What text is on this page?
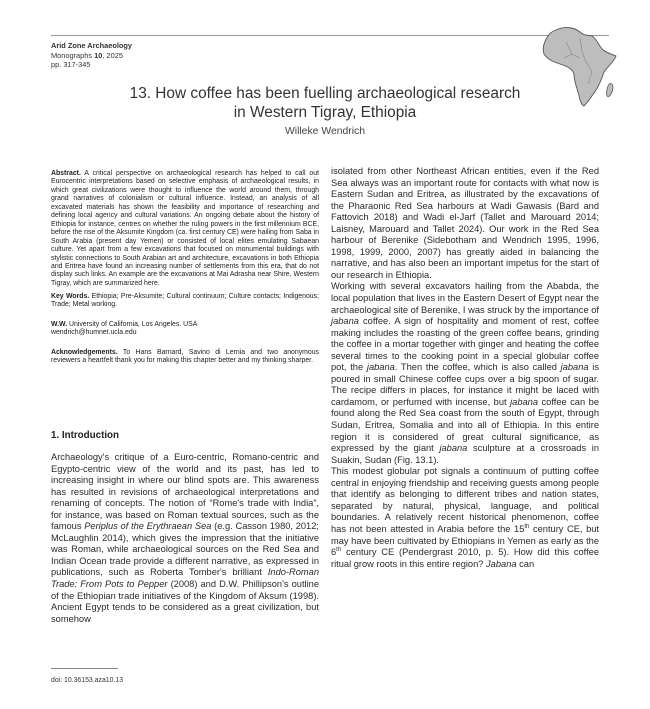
Arid Zone Archaeology
Monographs 10, 2025
pp. 317-345
13. How coffee has been fuelling archaeological research
in Western Tigray, Ethiopia
Willeke Wendrich

Abstract. A critical perspective on archaeological research has helped to call out Eurocentric interpretations based on selective emphasis of archaeological results, in which great civilizations were thought to influence the world around them, through grand narratives of colonialism or cultural influence. Instead, an analysis of all excavated materials has shown the feasibility and importance of researching and defining local agency and cultural variations. An ongoing debate about the history of Ethiopia for instance, centres on whether the ruling powers in the first millennium BCE, before the rise of the Aksumite Kingdom (ca. first century CE) were hailing from Saba in South Arabia (present day Yemen) or consisted of local elites emulating Sabaean culture. Yet apart from a few excavations that focused on monumental buildings with stylistic connections to South Arabian art and architecture, excavations in both Ethiopia and Eritrea have found an increasing number of settlements from this era, that do not display such links. An example are the excavations at Mai Adrasha near Shire, Western Tigray, which are summarized here.

Key Words. Ethiopia; Pre-Aksumite; Cultural continuum; Culture contacts; Indigenous; Trade; Metal working.

W.W. University of California, Los Angeles. USA

wendrich@humnet.ucla.edu

Acknowledgements. To Hans Barnard, Savino di Lernia and two anonymous reviewers a heartfelt thank you for making this chapter better and my thinking sharper.

1. Introduction

Archaeology's critique of a Euro-centric, Romano-centric and Egypto-centric view of the world and its past, has led to increasing insight in where our blind spots are. This awareness has resulted in revisions of archaeological interpretations and renaming of concepts. The notion of “Rome's trade with India”, for instance, was based on Roman textual sources, such as the famous Periplus of the Erythraean Sea (e.g. Casson 1980, 2012; McLaughlin 2014), which gives the impression that the initiative was Roman, while archaeological sources on the Red Sea and Indian Ocean trade provide a different narrative, as expressed in publications, such as Roberta Tomber's brilliant Indo-Roman Trade: From Pots to Pepper (2008) and D.W. Phillipson's outline of the Ethiopian trade initiatives of the Kingdom of Aksum (1998). Ancient Egypt tends to be considered as a great civilization, but somehow

isolated from other Northeast African entities, even if the Red Sea always was an important route for contacts with what now is Eastern Sudan and Eritrea, as illustrated by the excavations of the Pharaonic Red Sea harbours at Wadi Gawasis (Bard and Fattovich 2018) and Wadi el-Jarf (Tallet and Marouard 2014; Laisney, Marouard and Tallet 2024). Our work in the Red Sea harbour of Berenike (Sidebotham and Wendrich 1995, 1996, 1998, 1999, 2000, 2007) has greatly aided in balancing the narrative, and has also been an important impetus for the start of our research in Ethiopia.

Working with several excavators hailing from the Ababda, the local population that lives in the Eastern Desert of Egypt near the archaeological site of Berenike, I was struck by the importance of jabana coffee. A sign of hospitality and moment of rest, coffee making includes the roasting of the green coffee beans, grinding the coffee in a mortar together with ginger and heating the coffee several times to the cooking point in a special globular coffee pot, the jabana. Then the coffee, which is also called jabana is poured in small Chinese coffee cups over a big spoon of sugar. The recipe differs in places, for instance it might be laced with cardamom, or perfumed with incense, but jabana coffee can be found along the Red Sea coast from the south of Egypt, through Sudan, Eritrea, Somalia and into all of Ethiopia. In this entire region it is considered of great cultural significance, as expressed by the giant jabana sculpture at a crossroads in Suakin, Sudan (Fig. 13.1).

This modest globular pot signals a continuum of putting coffee central in enjoying friendship and receiving guests among people that identify as belonging to different tribes and nation states, separated by natural, physical, language, and political boundaries. A relatively recent historical phenomenon, coffee has not been attested in Arabia before the 15th century CE, but may have been cultivated by Ethiopians in Yemen as early as the 6th century CE (Pendergrast 2010, p. 5). How did this coffee ritual grow roots in this entire region? Jabana can

doi: 10.36153.aza10.13
